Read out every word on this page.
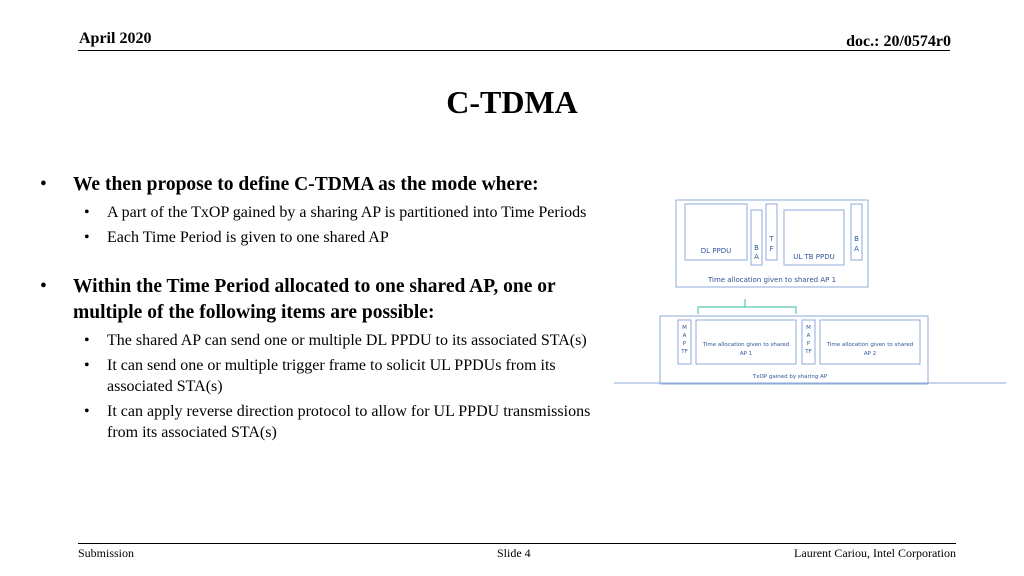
April 2020	doc.: 20/0574r0
C-TDMA
• We then propose to define C-TDMA as the mode where:
• A part of the TxOP gained by a sharing AP is partitioned into Time Periods
• Each Time Period is given to one shared AP
• Within the Time Period allocated to one shared AP, one or multiple of the following items are possible:
• The shared AP can send one or multiple DL PPDU to its associated STA(s)
• It can send one or multiple trigger frame to solicit UL PPDUs from its associated STA(s)
• It can apply reverse direction protocol to allow for UL PPDU transmissions from its associated STA(s)
DL PPDU	B
A
T
F
UL TB PPDU
B
A
Time allocation given to shared AP 1
M
A
P
TF
Time allocation given to shared
AP 1
M
A
P
TF
Time allocation given to shared
AP 2
TxOP gained by sharing AP
Submission	Slide 4	Laurent Cariou, Intel Corporation
